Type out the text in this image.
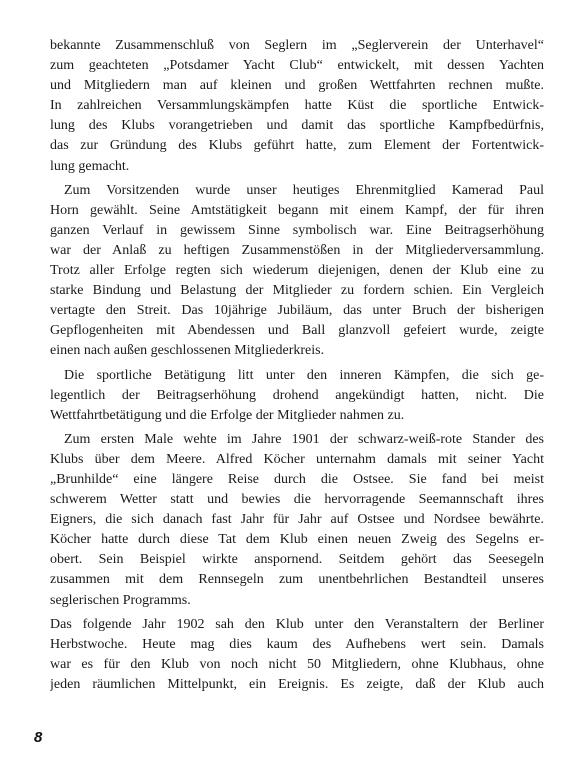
bekannte Zusammenschluß von Seglern im „Seglerverein der Unterhavel“
zum geachteten „Potsdamer Yacht Club“ entwickelt, mit dessen Yachten
und Mitgliedern man auf kleinen und großen Wettfahrten rechnen mußte.
In zahlreichen Versammlungskämpfen hatte Küst die sportliche Entwick-
lung des Klubs vorangetrieben und damit das sportliche Kampfbedürfnis,
das zur Gründung des Klubs geführt hatte, zum Element der Fortentwick-
lung gemacht.
Zum Vorsitzenden wurde unser heutiges Ehrenmitglied Kamerad Paul
Horn gewählt. Seine Amtstätigkeit begann mit einem Kampf, der für ihren
ganzen Verlauf in gewissem Sinne symbolisch war. Eine Beitragserhöhung
war der Anlaß zu heftigen Zusammenstößen in der Mitgliederversammlung.
Trotz aller Erfolge regten sich wiederum diejenigen, denen der Klub eine zu
starke Bindung und Belastung der Mitglieder zu fordern schien. Ein Vergleich
vertagte den Streit. Das 10jährige Jubiläum, das unter Bruch der bisherigen
Gepflogenheiten mit Abendessen und Ball glanzvoll gefeiert wurde, zeigte
einen nach außen geschlossenen Mitgliederkreis.
Die sportliche Betätigung litt unter den inneren Kämpfen, die sich ge-
legentlich der Beitragserhöhung drohend angekündigt hatten, nicht. Die
Wettfahrtbetätigung und die Erfolge der Mitglieder nahmen zu.
Zum ersten Male wehte im Jahre 1901 der schwarz-weiß-rote Stander des
Klubs über dem Meere. Alfred Köcher unternahm damals mit seiner Yacht
„Brunhilde“ eine längere Reise durch die Ostsee. Sie fand bei meist
schwerem Wetter statt und bewies die hervorragende Seemannschaft ihres
Eigners, die sich danach fast Jahr für Jahr auf Ostsee und Nordsee bewährte.
Köcher hatte durch diese Tat dem Klub einen neuen Zweig des Segelns er-
obert. Sein Beispiel wirkte anspornend. Seitdem gehört das Seesegeln
zusammen mit dem Rennsegeln zum unentbehrlichen Bestandteil unseres
seglerischen Programms.
Das folgende Jahr 1902 sah den Klub unter den Veranstaltern der Berliner
Herbstwoche. Heute mag dies kaum des Aufhebens wert sein. Damals
war es für den Klub von noch nicht 50 Mitgliedern, ohne Klubhaus, ohne
jeden räumlichen Mittelpunkt, ein Ereignis. Es zeigte, daß der Klub auch
8
